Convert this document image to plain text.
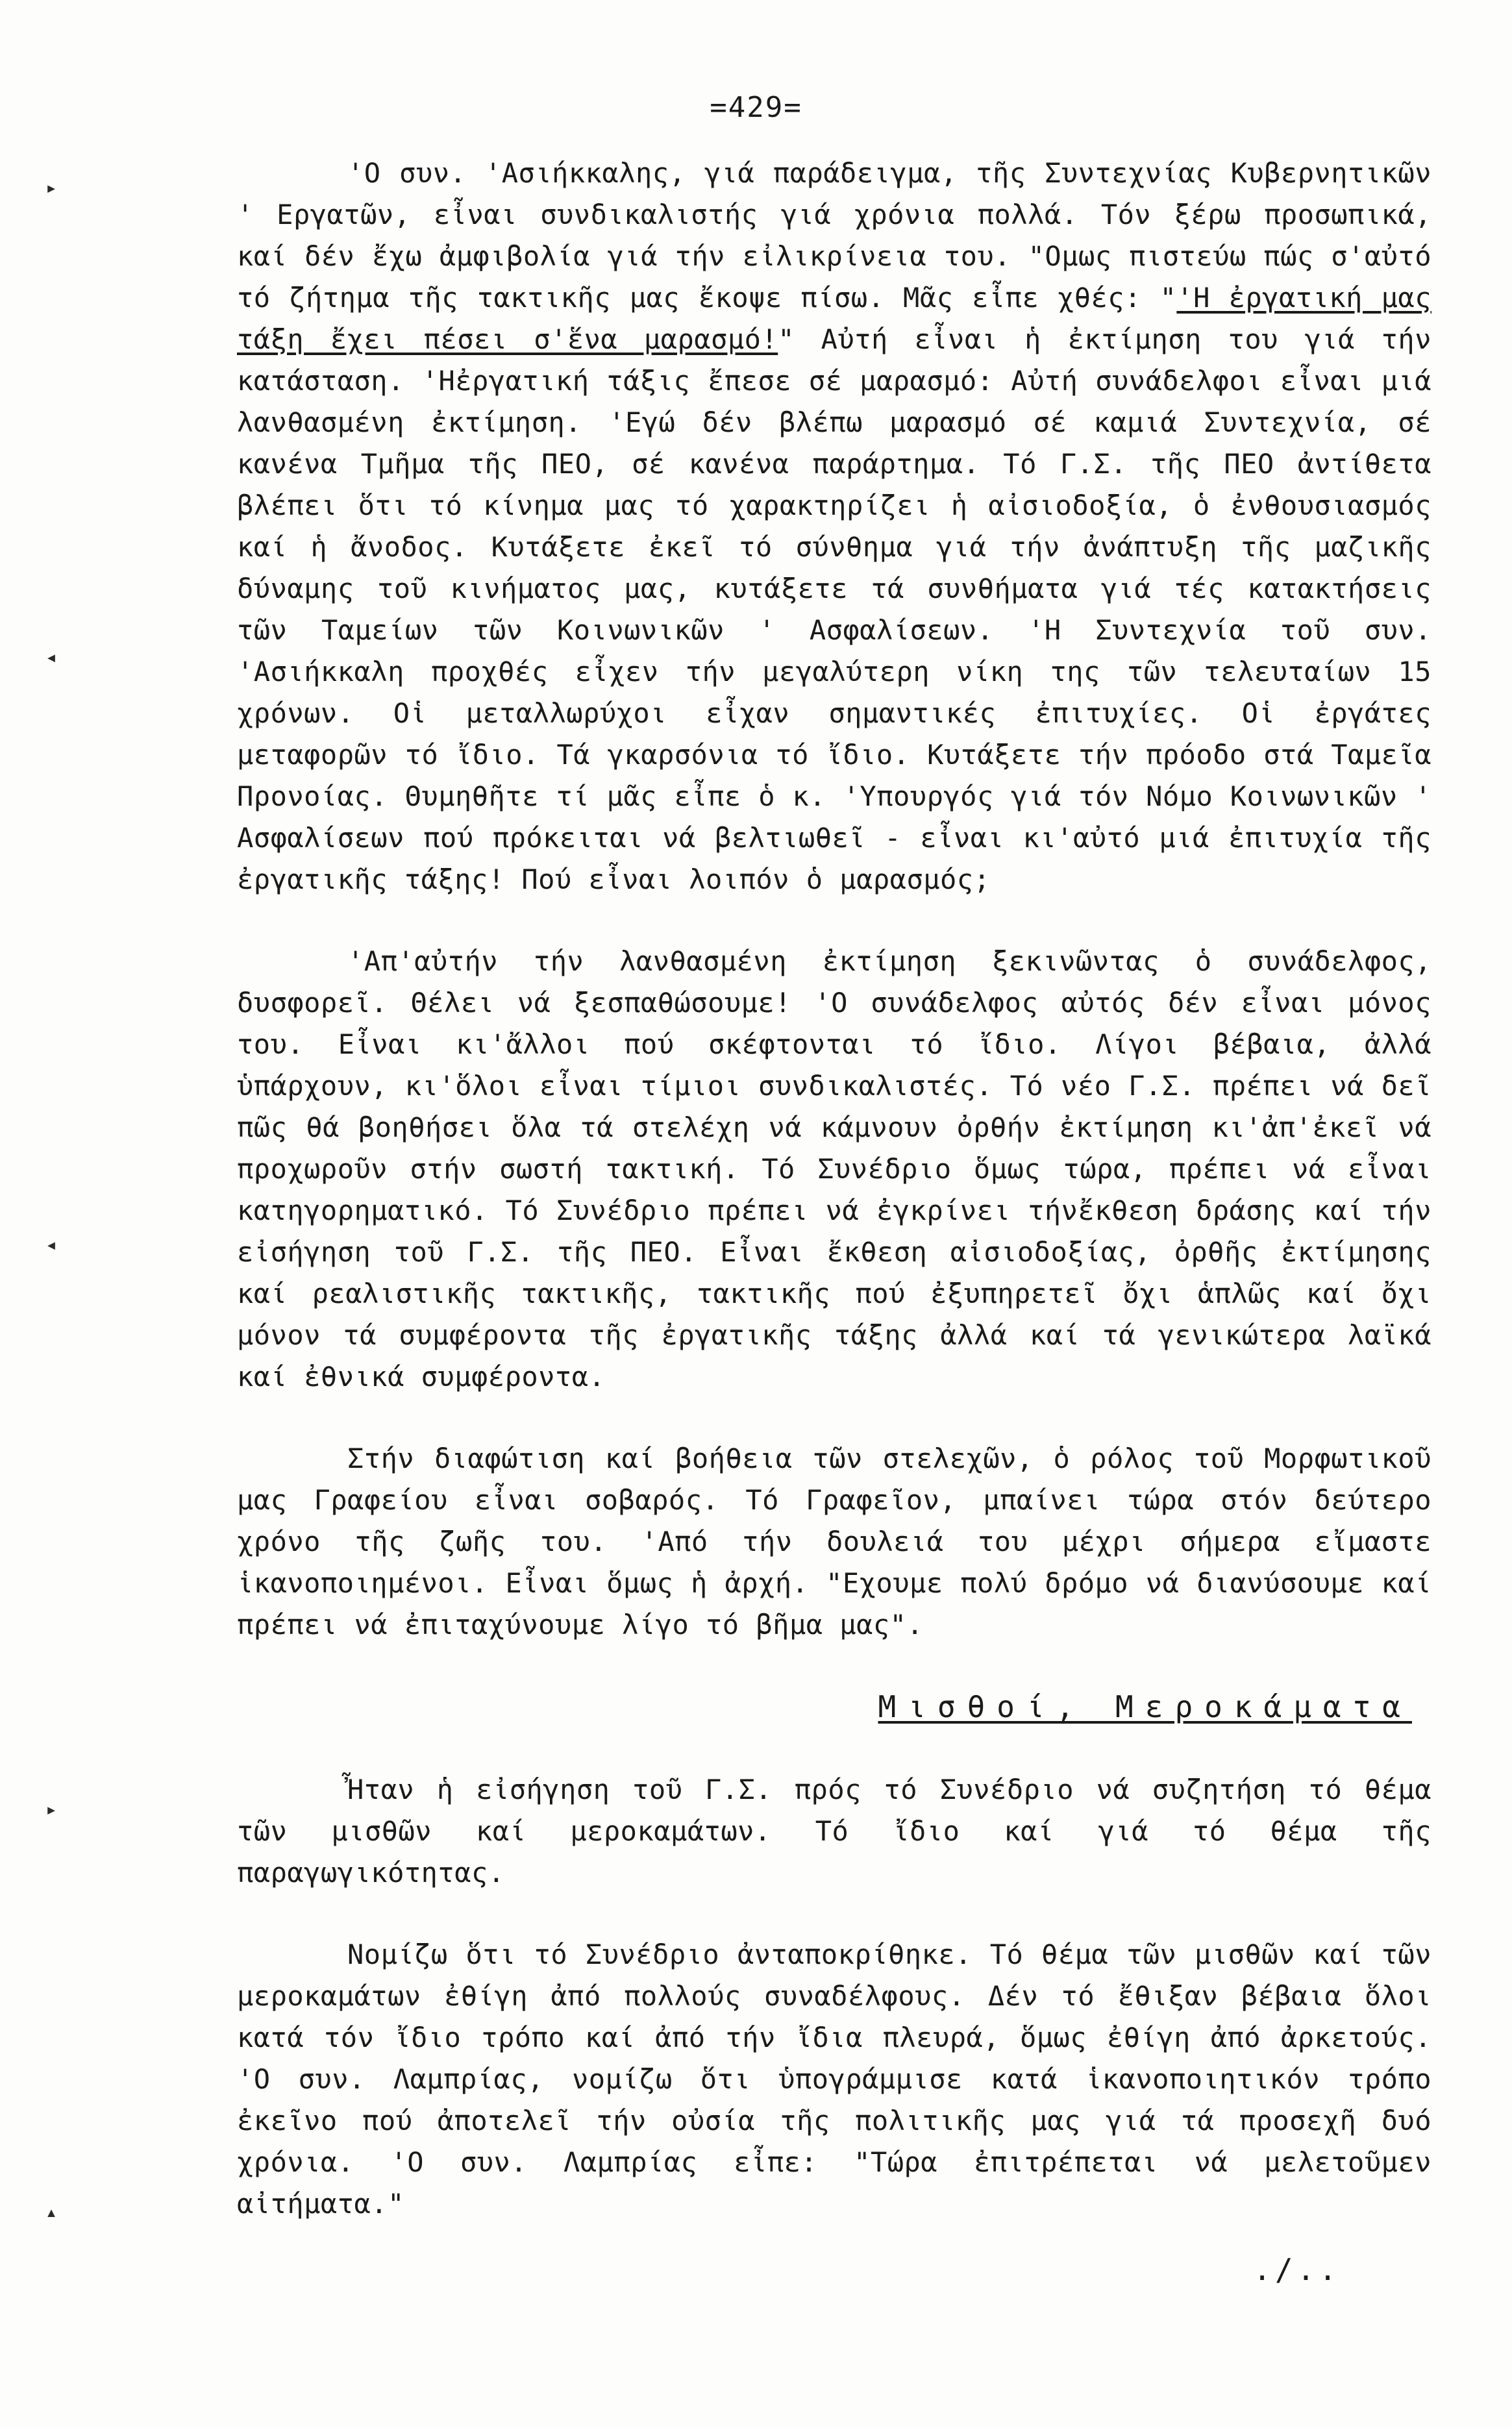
▸
◂
◂
▸
▴
=429=

'Ο συν. 'Ασιήκκαλης, γιά παράδειγμα, τῆς Συντεχνίας Κυβερνητικῶν ' Εργατῶν, εἶναι συνδικαλιστής γιά χρόνια πολλά. Τόν ξέρω προσωπικά, καί δέν ἔχω ἀμφιβολία γιά τήν εἰλικρίνεια του. "Ομως πιστεύω πώς σ'αὐτό τό ζήτημα τῆς τακτικῆς μας ἔκοψε πίσω. Μᾶς εἶπε χθές: "'Η ἐργατική μας τάξη ἔχει πέσει σ'ἕνα μαρασμό!" Αὐτή εἶναι ἡ ἐκτίμηση του γιά τήν κατάσταση. 'Ηἐργατική τάξις ἔπεσε σέ μαρασμό: Αὐτή συνάδελφοι εἶναι μιά λανθασμένη ἐκτίμηση. 'Εγώ δέν βλέπω μαρασμό σέ καμιά Συντεχνία, σέ κανένα Τμῆμα τῆς ΠΕΟ, σέ κανένα παράρτημα. Τό Γ.Σ. τῆς ΠΕΟ ἀντίθετα βλέπει ὅτι τό κίνημα μας τό χαρακτηρίζει ἡ αἰσιοδοξία, ὁ ἐνθουσιασμός καί ἡ ἄνοδος. Κυτάξετε ἐκεῖ τό σύνθημα γιά τήν ἀνάπτυξη τῆς μαζικῆς δύναμης τοῦ κινήματος μας, κυτάξετε τά συνθήματα γιά τές κατακτήσεις τῶν Ταμείων τῶν Κοινωνικῶν ' Ασφαλίσεων. 'Η Συντεχνία τοῦ συν. 'Ασιήκκαλη προχθές εἶχεν τήν μεγαλύτερη νίκη της τῶν τελευταίων 15 χρόνων. Οἱ μεταλλωρύχοι εἶχαν σημαντικές ἐπιτυχίες. Οἱ ἐργάτες μεταφορῶν τό ἴδιο. Τά γκαρσόνια τό ἴδιο. Κυτάξετε τήν πρόοδο στά Ταμεῖα Προνοίας. Θυμηθῆτε τί μᾶς εἶπε ὁ κ. 'Υπουργός γιά τόν Νόμο Κοινωνικῶν ' Ασφαλίσεων πού πρόκειται νά βελτιωθεῖ - εἶναι κι'αὐτό μιά ἐπιτυχία τῆς ἐργατικῆς τάξης! Πού εἶναι λοιπόν ὁ μαρασμός;

'Απ'αὐτήν τήν λανθασμένη ἐκτίμηση ξεκινῶντας ὁ συνάδελφος, δυσφορεῖ. Θέλει νά ξεσπαθώσουμε! 'Ο συνάδελφος αὐτός δέν εἶναι μόνος του. Εἶναι κι'ἄλλοι πού σκέφτονται τό ἴδιο. Λίγοι βέβαια, ἀλλά ὑπάρχουν, κι'ὅλοι εἶναι τίμιοι συνδικαλιστές. Τό νέο Γ.Σ. πρέπει νά δεῖ πῶς θά βοηθήσει ὅλα τά στελέχη νά κάμνουν ὀρθήν ἐκτίμηση κι'ἀπ'ἐκεῖ νά προχωροῦν στήν σωστή τακτική. Τό Συνέδριο ὅμως τώρα, πρέπει νά εἶναι κατηγορηματικό. Τό Συνέδριο πρέπει νά ἐγκρίνει τήνἔκθεση δράσης καί τήν εἰσήγηση τοῦ Γ.Σ. τῆς ΠΕΟ. Εἶναι ἔκθεση αἰσιοδοξίας, ὀρθῆς ἐκτίμησης καί ρεαλιστικῆς τακτικῆς, τακτικῆς πού ἐξυπηρετεῖ ὄχι ἁπλῶς καί ὄχι μόνον τά συμφέροντα τῆς ἐργατικῆς τάξης ἀλλά καί τά γενικώτερα λαϊκά καί ἐθνικά συμφέροντα.

Στήν διαφώτιση καί βοήθεια τῶν στελεχῶν, ὁ ρόλος τοῦ Μορφωτικοῦ μας Γραφείου εἶναι σοβαρός. Τό Γραφεῖον, μπαίνει τώρα στόν δεύτερο χρόνο τῆς ζωῆς του. 'Από τήν δουλειά του μέχρι σήμερα εἴμαστε ἱκανοποιημένοι. Εἶναι ὅμως ἡ ἀρχή. "Εχουμε πολύ δρόμο νά διανύσουμε καί πρέπει νά ἐπιταχύνουμε λίγο τό βῆμα μας".

Μισθοί, Μεροκάματα

Ἦταν ἡ εἰσήγηση τοῦ Γ.Σ. πρός τό Συνέδριο νά συζητήση τό θέμα τῶν μισθῶν καί μεροκαμάτων. Τό ἴδιο καί γιά τό θέμα τῆς παραγωγικότητας.

Νομίζω ὅτι τό Συνέδριο ἀνταποκρίθηκε. Τό θέμα τῶν μισθῶν καί τῶν μεροκαμάτων ἐθίγη ἀπό πολλούς συναδέλφους. Δέν τό ἔθιξαν βέβαια ὅλοι κατά τόν ἴδιο τρόπο καί ἀπό τήν ἴδια πλευρά, ὅμως ἐθίγη ἀπό ἀρκετούς. 'Ο συν. Λαμπρίας, νομίζω ὅτι ὑπογράμμισε κατά ἱκανοποιητικόν τρόπο ἐκεῖνο πού ἀποτελεῖ τήν οὐσία τῆς πολιτικῆς μας γιά τά προσεχῆ δυό χρόνια. 'Ο συν. Λαμπρίας εἶπε: "Τώρα ἐπιτρέπεται νά μελετοῦμεν αἰτήματα."

./..
